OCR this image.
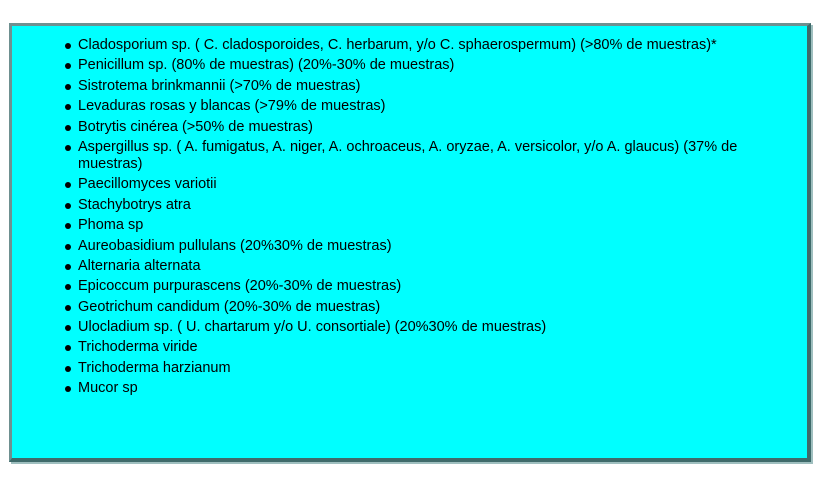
Cladosporium sp. ( C. cladosporoides, C. herbarum, y/o C. sphaerospermum) (>80% de muestras)*
Penicillum sp. (80% de muestras) (20%-30% de muestras)
Sistrotema brinkmannii (>70% de muestras)
Levaduras rosas y blancas (>79% de muestras)
Botrytis cinérea (>50% de muestras)
Aspergillus sp. ( A. fumigatus, A. niger, A. ochroaceus, A. oryzae, A. versicolor, y/o A. glaucus) (37% de muestras)
Paecillomyces variotii
Stachybotrys atra
Phoma sp
Aureobasidium pullulans (20%30% de muestras)
Alternaria alternata
Epicoccum purpurascens (20%-30% de muestras)
Geotrichum candidum (20%-30% de muestras)
Ulocladium sp. ( U. chartarum y/o U. consortiale) (20%30% de muestras)
Trichoderma viride
Trichoderma harzianum
Mucor sp
